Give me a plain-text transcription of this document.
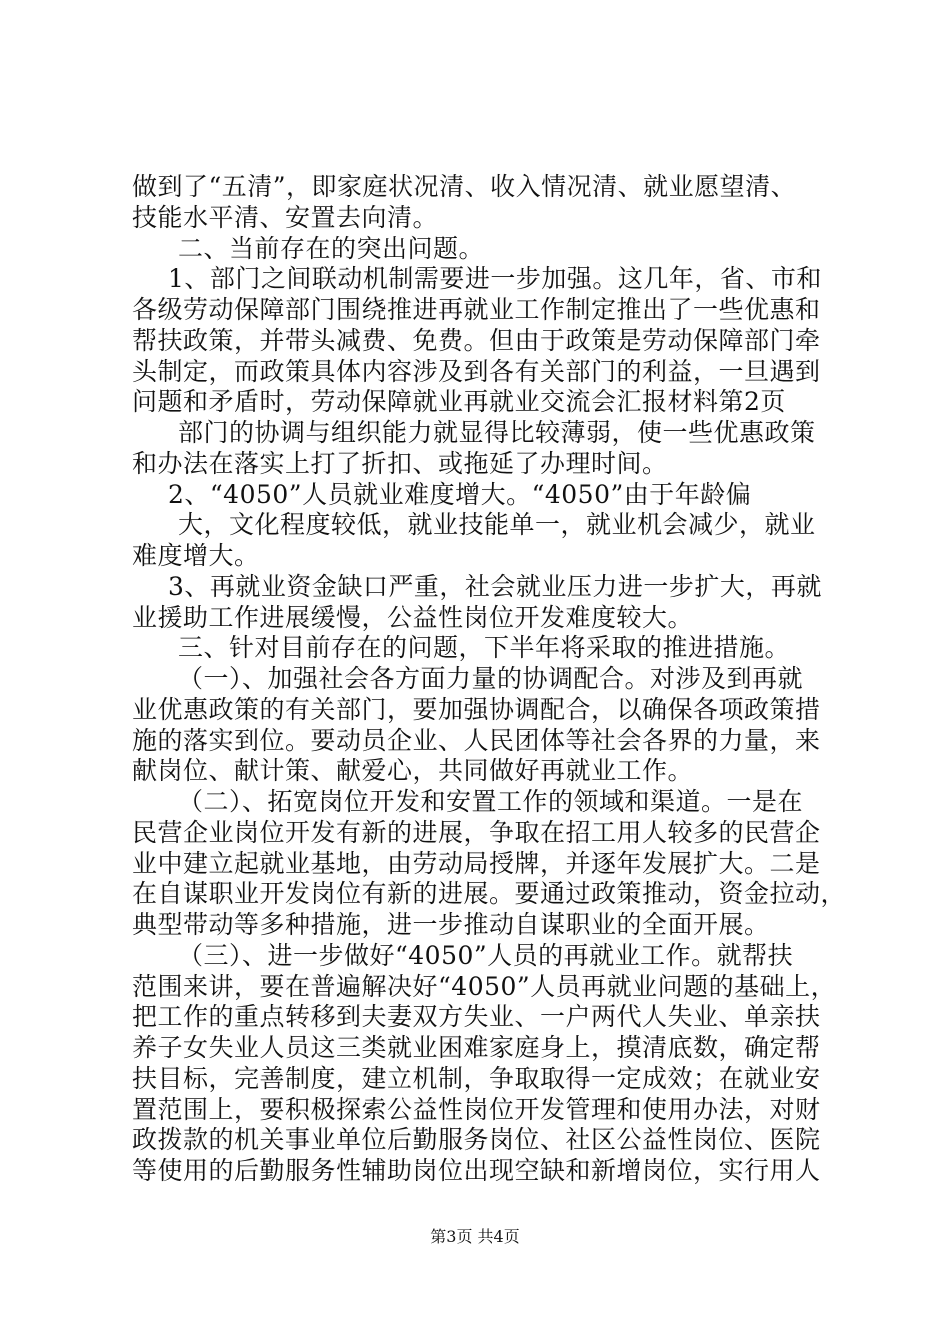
做到了“五清”，即家庭状况清、收入情况清、就业愿望清、
技能水平清、安置去向清。
二、当前存在的突出问题。
1、部门之间联动机制需要进一步加强。这几年，省、市和
各级劳动保障部门围绕推进再就业工作制定推出了一些优惠和
帮扶政策，并带头减费、免费。但由于政策是劳动保障部门牵
头制定，而政策具体内容涉及到各有关部门的利益，一旦遇到
问题和矛盾时，劳动保障就业再就业交流会汇报材料第2页
部门的协调与组织能力就显得比较薄弱，使一些优惠政策
和办法在落实上打了折扣、或拖延了办理时间。
2、“4050”人员就业难度增大。“4050”由于年龄偏
大，文化程度较低，就业技能单一，就业机会减少，就业
难度增大。
3、再就业资金缺口严重，社会就业压力进一步扩大，再就
业援助工作进展缓慢，公益性岗位开发难度较大。
三、针对目前存在的问题，下半年将采取的推进措施。
（一）、加强社会各方面力量的协调配合。对涉及到再就
业优惠政策的有关部门，要加强协调配合，以确保各项政策措
施的落实到位。要动员企业、人民团体等社会各界的力量，来
献岗位、献计策、献爱心，共同做好再就业工作。
（二）、拓宽岗位开发和安置工作的领域和渠道。一是在
民营企业岗位开发有新的进展，争取在招工用人较多的民营企
业中建立起就业基地，由劳动局授牌，并逐年发展扩大。二是
在自谋职业开发岗位有新的进展。要通过政策推动，资金拉动，
典型带动等多种措施，进一步推动自谋职业的全面开展。
（三）、进一步做好“4050”人员的再就业工作。就帮扶
范围来讲，要在普遍解决好“4050”人员再就业问题的基础上，
把工作的重点转移到夫妻双方失业、一户两代人失业、单亲扶
养子女失业人员这三类就业困难家庭身上，摸清底数，确定帮
扶目标，完善制度，建立机制，争取取得一定成效；在就业安
置范围上，要积极探索公益性岗位开发管理和使用办法，对财
政拨款的机关事业单位后勤服务岗位、社区公益性岗位、医院
等使用的后勤服务性辅助岗位出现空缺和新增岗位，实行用人
第3页 共4页
